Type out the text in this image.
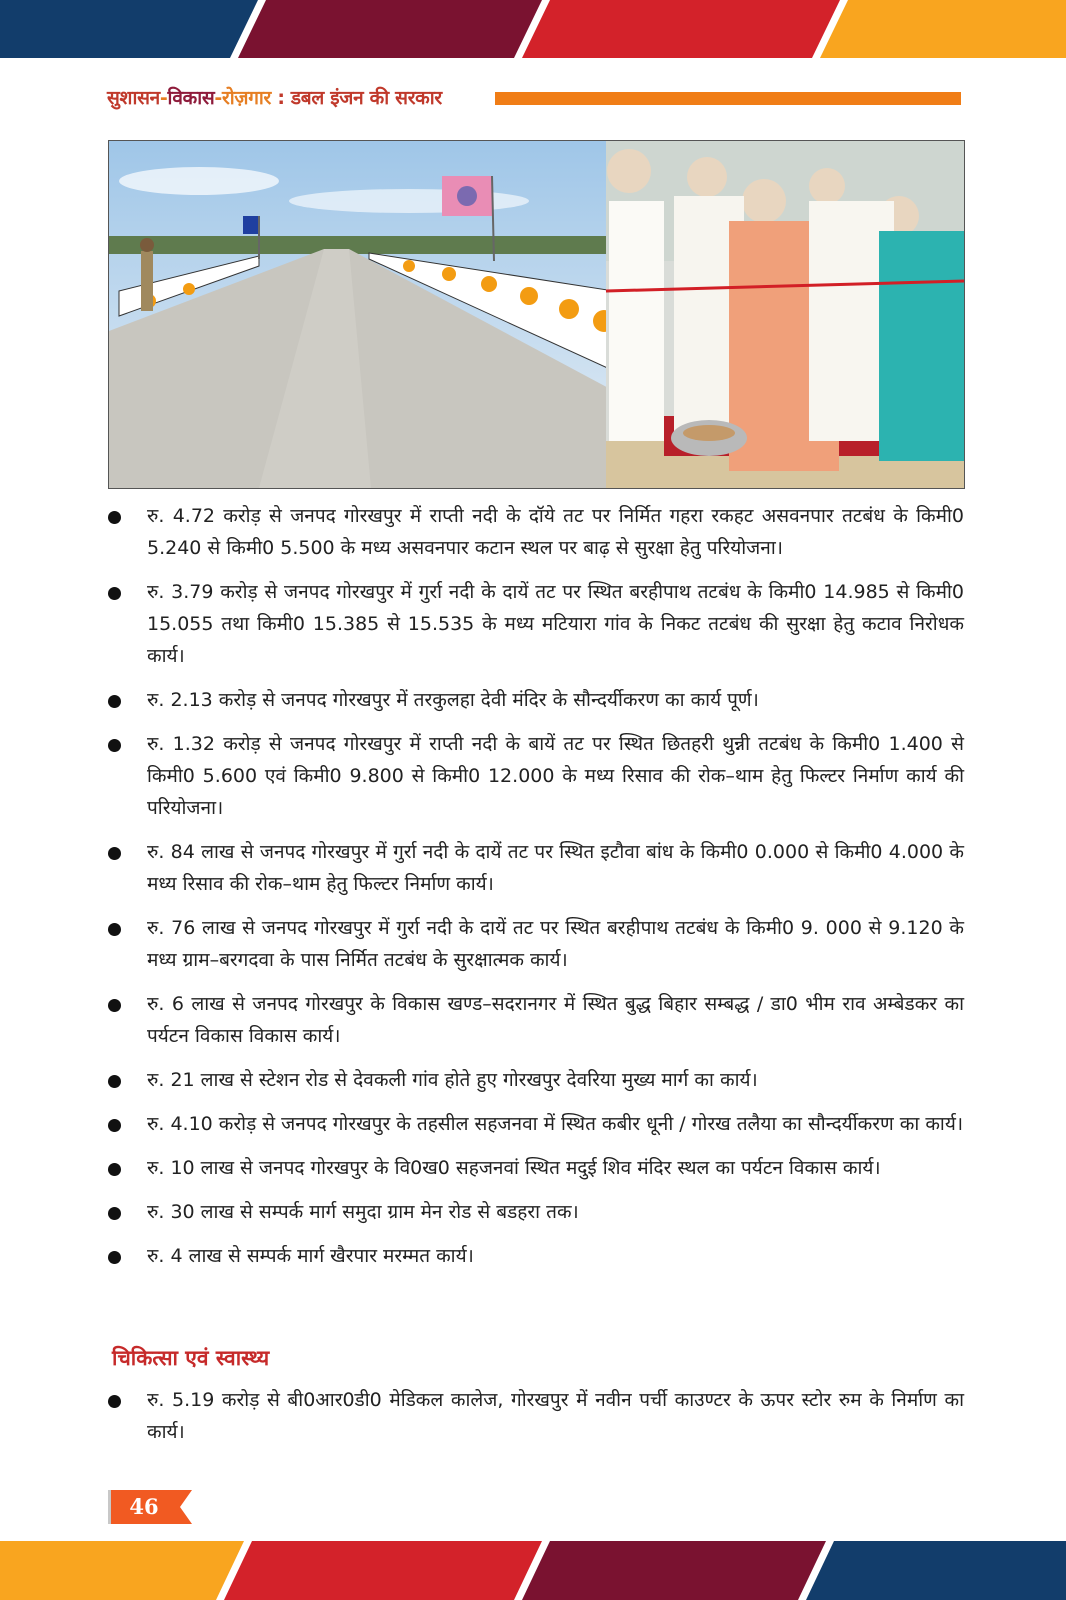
सुशासन-विकास-रोज़गार : डबल इंजन की सरकार
रु. 4.72 करोड़ से जनपद गोरखपुर में राप्ती नदी के दॉये तट पर निर्मित गहरा रकहट असवनपार तटबंध के किमी0 5.240 से किमी0 5.500 के मध्य असवनपार कटान स्थल पर बाढ़ से सुरक्षा हेतु परियोजना।
रु. 3.79 करोड़ से जनपद गोरखपुर में गुर्रा नदी के दायें तट पर स्थित बरहीपाथ तटबंध के किमी0 14.985 से किमी0 15.055 तथा किमी0 15.385 से 15.535 के मध्य मटियारा गांव के निकट तटबंध की सुरक्षा हेतु कटाव निरोधक कार्य।
रु. 2.13 करोड़ से जनपद गोरखपुर में तरकुलहा देवी मंदिर के सौन्दर्यीकरण का कार्य पूर्ण।
रु. 1.32 करोड़ से जनपद गोरखपुर में राप्ती नदी के बायें तट पर स्थित छितहरी थुन्नी तटबंध के किमी0 1.400 से किमी0 5.600 एवं किमी0 9.800 से किमी0 12.000 के मध्य रिसाव की रोक–थाम हेतु फिल्टर निर्माण कार्य की परियोजना।
रु. 84 लाख से जनपद गोरखपुर में गुर्रा नदी के दायें तट पर स्थित इटौवा बांध के किमी0 0.000 से किमी0 4.000 के मध्य रिसाव की रोक–थाम हेतु फिल्टर निर्माण कार्य।
रु. 76 लाख से जनपद गोरखपुर में गुर्रा नदी के दायें तट पर स्थित बरहीपाथ तटबंध के किमी0 9. 000 से 9.120 के मध्य ग्राम–बरगदवा के पास निर्मित तटबंध के सुरक्षात्मक कार्य।
रु. 6 लाख से जनपद गोरखपुर के विकास खण्ड–सदरानगर में स्थित बुद्ध बिहार सम्बद्ध / डा0 भीम राव अम्बेडकर का पर्यटन विकास विकास कार्य।
रु. 21 लाख से स्टेशन रोड से देवकली गांव होते हुए गोरखपुर देवरिया मुख्य मार्ग का कार्य।
रु. 4.10 करोड़ से जनपद गोरखपुर के तहसील सहजनवा में स्थित कबीर धूनी / गोरख तलैया का सौन्दर्यीकरण का कार्य।
रु. 10 लाख से जनपद गोरखपुर के वि0ख0 सहजनवां स्थित मदुई शिव मंदिर स्थल का पर्यटन विकास कार्य।
रु. 30 लाख से सम्पर्क मार्ग समुदा ग्राम मेन रोड से बडहरा तक।
रु. 4 लाख से सम्पर्क मार्ग खैरपार मरम्मत कार्य।
चिकित्सा एवं स्वास्थ्य
रु. 5.19 करोड़ से बी0आर0डी0 मेडिकल कालेज, गोरखपुर में नवीन पर्ची काउण्टर के ऊपर स्टोर रुम के निर्माण का कार्य।
46
